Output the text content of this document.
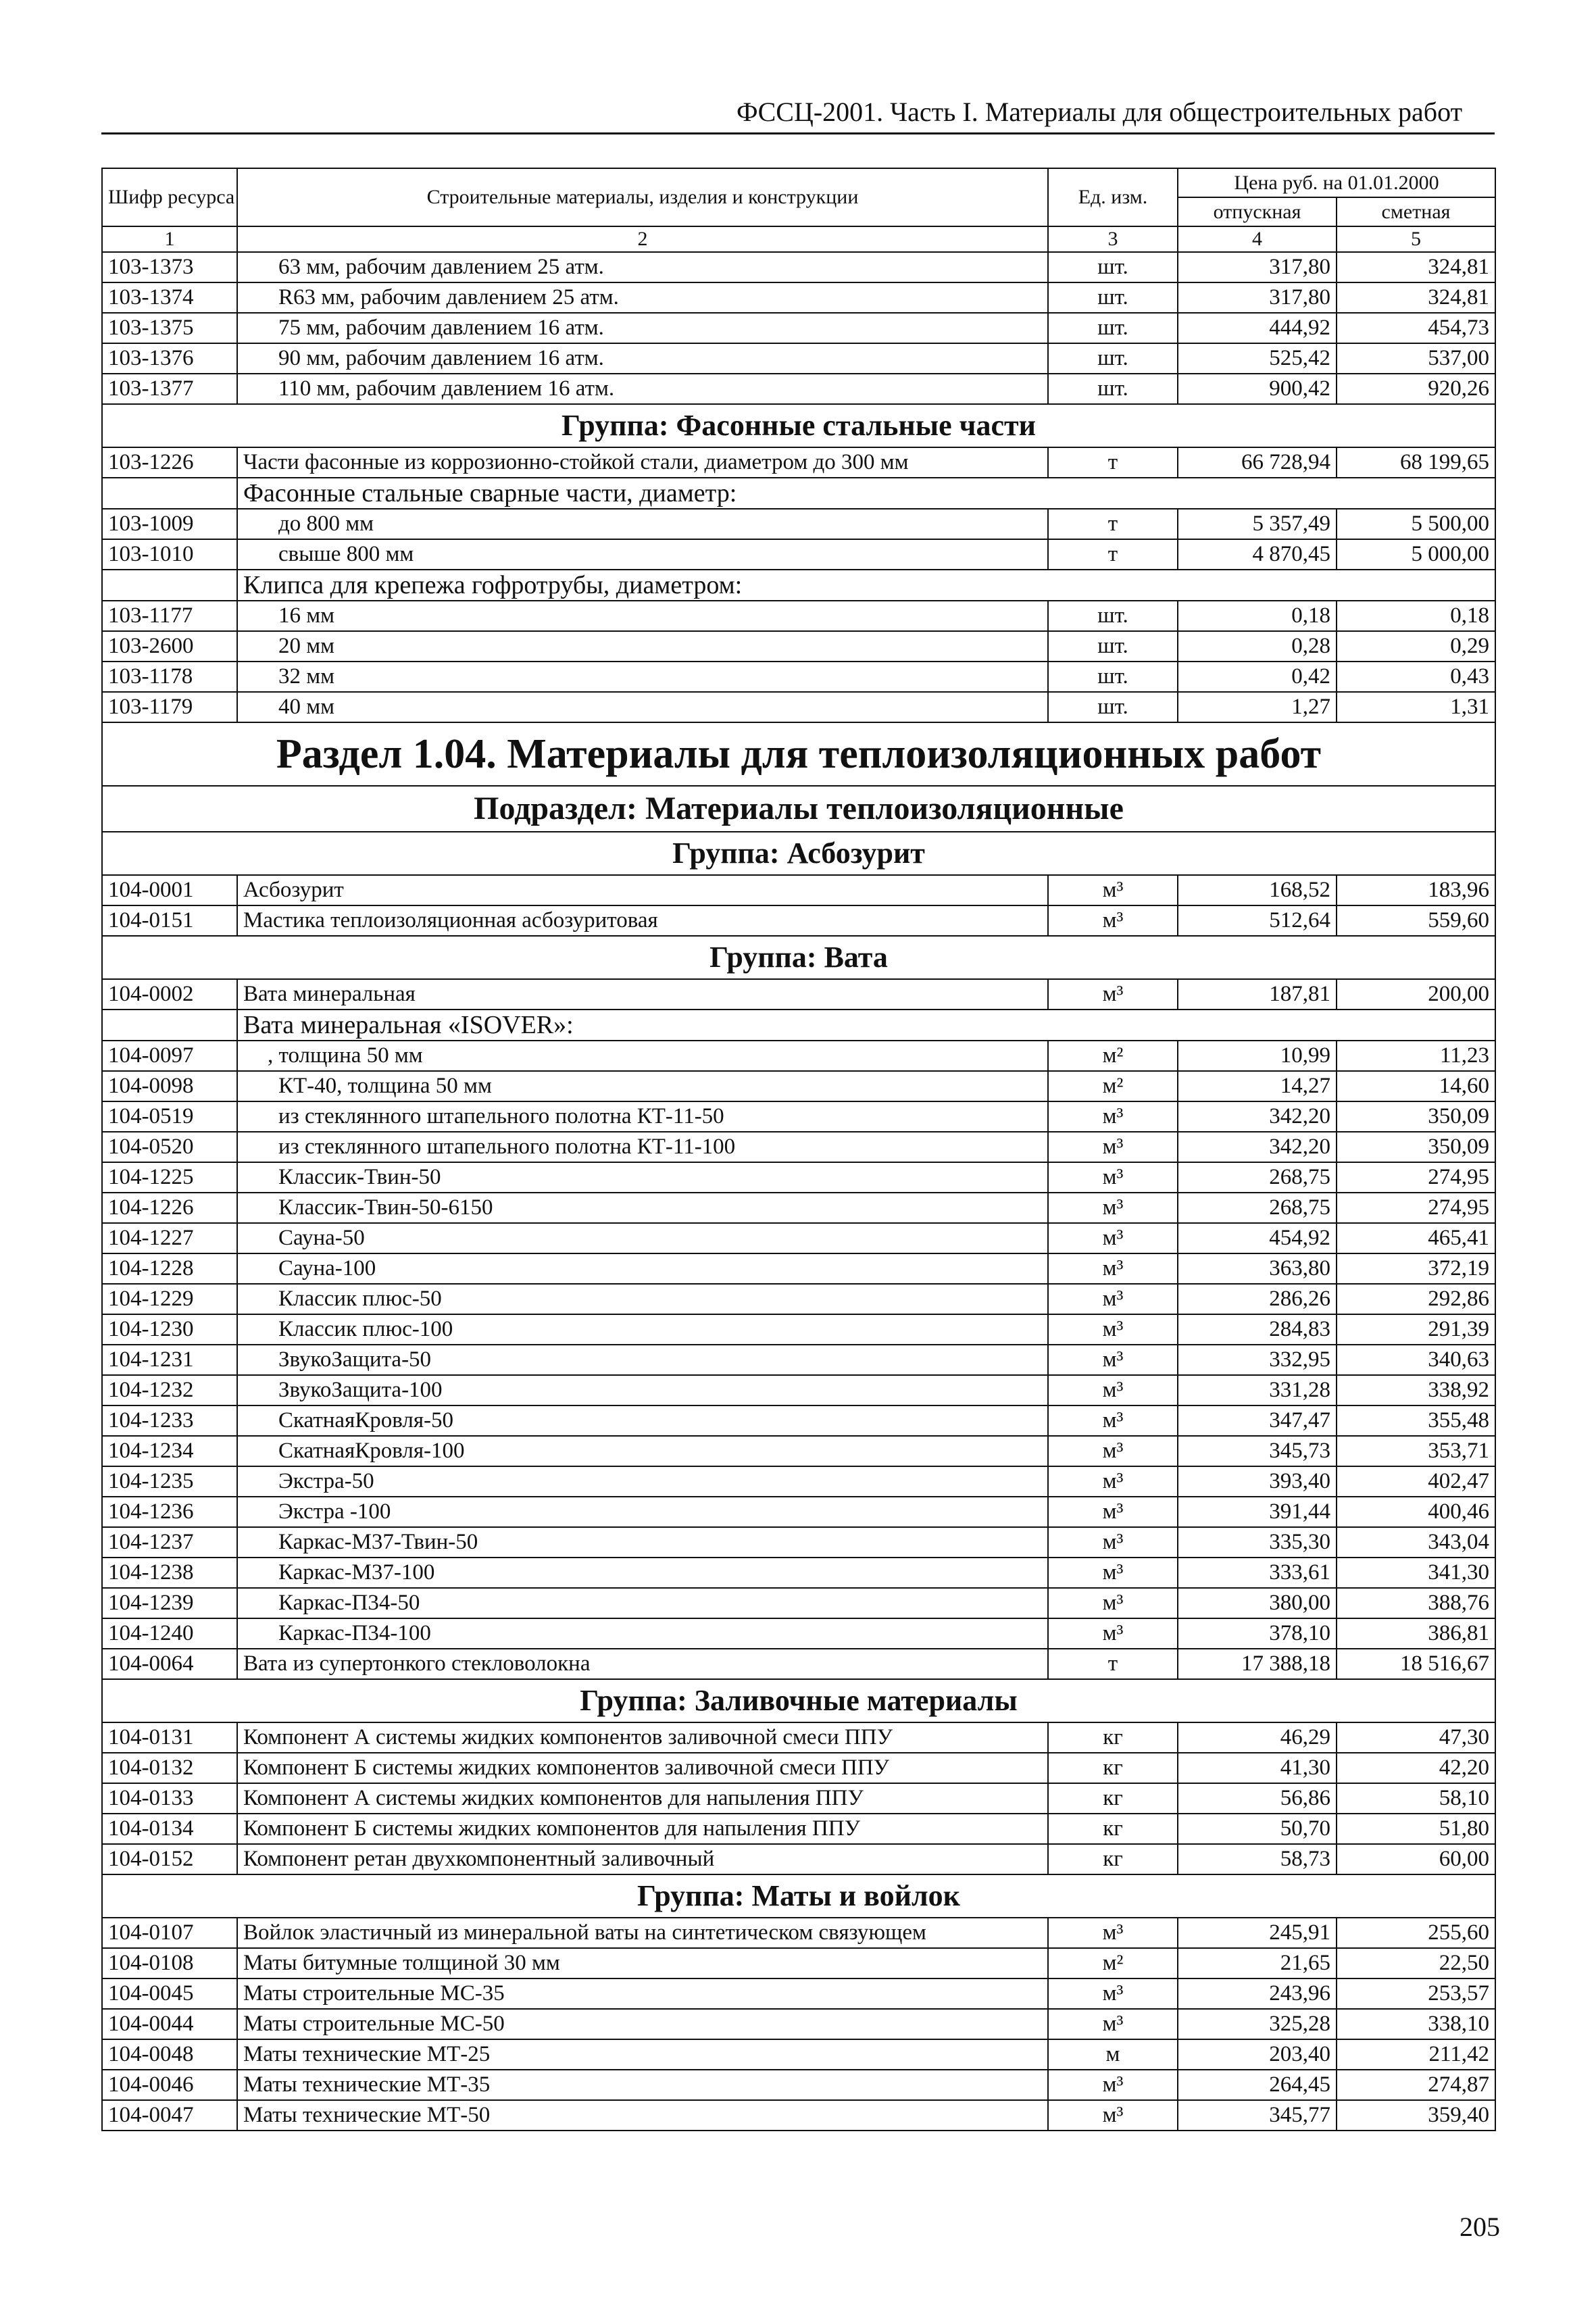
ФССЦ-2001. Часть I. Материалы для общестроительных работ
Шифр ресурса	Строительные материалы, изделия и конструкции	Ед. изм.	Цена руб. на 01.01.2000	
			отпускная	сметная
1	2	3	4	5
103-1373	63 мм, рабочим давлением 25 атм.	шт.	317,80	324,81
103-1374	R63 мм, рабочим давлением 25 атм.	шт.	317,80	324,81
103-1375	75 мм, рабочим давлением 16 атм.	шт.	444,92	454,73
103-1376	90 мм, рабочим давлением 16 атм.	шт.	525,42	537,00
103-1377	110 мм, рабочим давлением 16 атм.	шт.	900,42	920,26
Группа: Фасонные стальные части				
103-1226	Части фасонные из коррозионно-стойкой стали, диаметром до 300 мм	т	66 728,94	68 199,65
	Фасонные стальные сварные части, диаметр:			
103-1009	до 800 мм	т	5 357,49	5 500,00
103-1010	свыше 800 мм	т	4 870,45	5 000,00
	Клипса для крепежа гофротрубы, диаметром:			
103-1177	16 мм	шт.	0,18	0,18
103-2600	20 мм	шт.	0,28	0,29
103-1178	32 мм	шт.	0,42	0,43
103-1179	40 мм	шт.	1,27	1,31
Раздел 1.04. Материалы для теплоизоляционных работ				
Подраздел: Материалы теплоизоляционные				
Группа: Асбозурит				
104-0001	Асбозурит	м³	168,52	183,96
104-0151	Мастика теплоизоляционная асбозуритовая	м³	512,64	559,60
Группа: Вата				
104-0002	Вата минеральная	м³	187,81	200,00
	Вата минеральная «ISOVER»:			
104-0097	, толщина 50 мм	м²	10,99	11,23
104-0098	КТ-40, толщина 50 мм	м²	14,27	14,60
104-0519	из стеклянного штапельного полотна КТ-11-50	м³	342,20	350,09
104-0520	из стеклянного штапельного полотна КТ-11-100	м³	342,20	350,09
104-1225	Классик-Твин-50	м³	268,75	274,95
104-1226	Классик-Твин-50-6150	м³	268,75	274,95
104-1227	Сауна-50	м³	454,92	465,41
104-1228	Сауна-100	м³	363,80	372,19
104-1229	Классик плюс-50	м³	286,26	292,86
104-1230	Классик плюс-100	м³	284,83	291,39
104-1231	ЗвукоЗащита-50	м³	332,95	340,63
104-1232	ЗвукоЗащита-100	м³	331,28	338,92
104-1233	СкатнаяКровля-50	м³	347,47	355,48
104-1234	СкатнаяКровля-100	м³	345,73	353,71
104-1235	Экстра-50	м³	393,40	402,47
104-1236	Экстра -100	м³	391,44	400,46
104-1237	Каркас-М37-Твин-50	м³	335,30	343,04
104-1238	Каркас-М37-100	м³	333,61	341,30
104-1239	Каркас-П34-50	м³	380,00	388,76
104-1240	Каркас-П34-100	м³	378,10	386,81
104-0064	Вата из супертонкого стекловолокна	т	17 388,18	18 516,67
Группа: Заливочные материалы				
104-0131	Компонент А системы жидких компонентов заливочной смеси ППУ	кг	46,29	47,30
104-0132	Компонент Б системы жидких компонентов заливочной смеси ППУ	кг	41,30	42,20
104-0133	Компонент А системы жидких компонентов для напыления ППУ	кг	56,86	58,10
104-0134	Компонент Б системы жидких компонентов для напыления ППУ	кг	50,70	51,80
104-0152	Компонент ретан двухкомпонентный заливочный	кг	58,73	60,00
Группа: Маты и войлок				
104-0107	Войлок эластичный из минеральной ваты на синтетическом связующем	м³	245,91	255,60
104-0108	Маты битумные толщиной 30 мм	м²	21,65	22,50
104-0045	Маты строительные МС-35	м³	243,96	253,57
104-0044	Маты строительные МС-50	м³	325,28	338,10
104-0048	Маты технические МТ-25	м	203,40	211,42
104-0046	Маты технические МТ-35	м³	264,45	274,87
104-0047	Маты технические МТ-50	м³	345,77	359,40
205
